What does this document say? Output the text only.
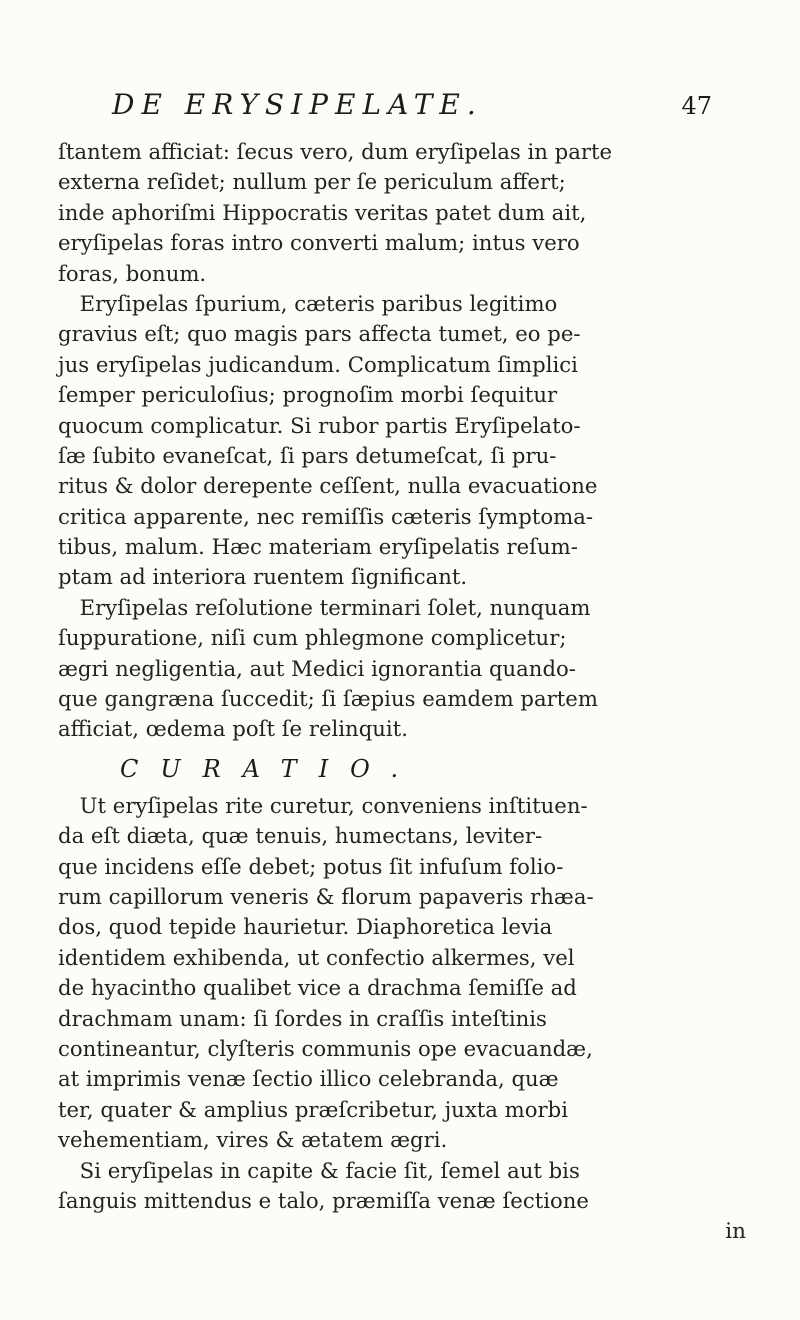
DE ERYSIPELATE.	47
ſtantem afficiat: ſecus vero, dum eryſipelas in parte
externa reſidet; nullum per ſe periculum affert;
inde aphoriſmi Hippocratis veritas patet dum ait,
eryſipelas foras intro converti malum; intus vero
foras, bonum.
Eryſipelas ſpurium, cæteris paribus legitimo
gravius eſt; quo magis pars affecta tumet, eo pe-
jus eryſipelas judicandum. Complicatum ſimplici
ſemper periculoſius; prognoſim morbi ſequitur
quocum complicatur. Si rubor partis Eryſipelato-
ſæ ſubito evaneſcat, ſi pars detumeſcat, ſi pru-
ritus & dolor derepente ceſſent, nulla evacuatione
critica apparente, nec remiſſis cæteris ſymptoma-
tibus, malum. Hæc materiam eryſipelatis reſum-
ptam ad interiora ruentem ſignificant.
Eryſipelas reſolutione terminari ſolet, nunquam
ſuppuratione, niſi cum phlegmone complicetur;
ægri negligentia, aut Medici ignorantia quando-
que gangræna ſuccedit; ſi ſæpius eamdem partem
afficiat, œdema poſt ſe relinquit.
CURATIO.
Ut eryſipelas rite curetur, conveniens inſtituen-
da eſt diæta, quæ tenuis, humectans, leviter-
que incidens eſſe debet; potus ſit infuſum folio-
rum capillorum veneris & florum papaveris rhæa-
dos, quod tepide haurietur. Diaphoretica levia
identidem exhibenda, ut confectio alkermes, vel
de hyacintho qualibet vice a drachma ſemiſſe ad
drachmam unam: ſi ſordes in craſſis inteſtinis
contineantur, clyſteris communis ope evacuandæ,
at imprimis venæ ſectio illico celebranda, quæ
ter, quater & amplius præſcribetur, juxta morbi
vehementiam, vires & ætatem ægri.
Si eryſipelas in capite & facie ſit, ſemel aut bis
ſanguis mittendus e talo, præmiſſa venæ ſectione
in
